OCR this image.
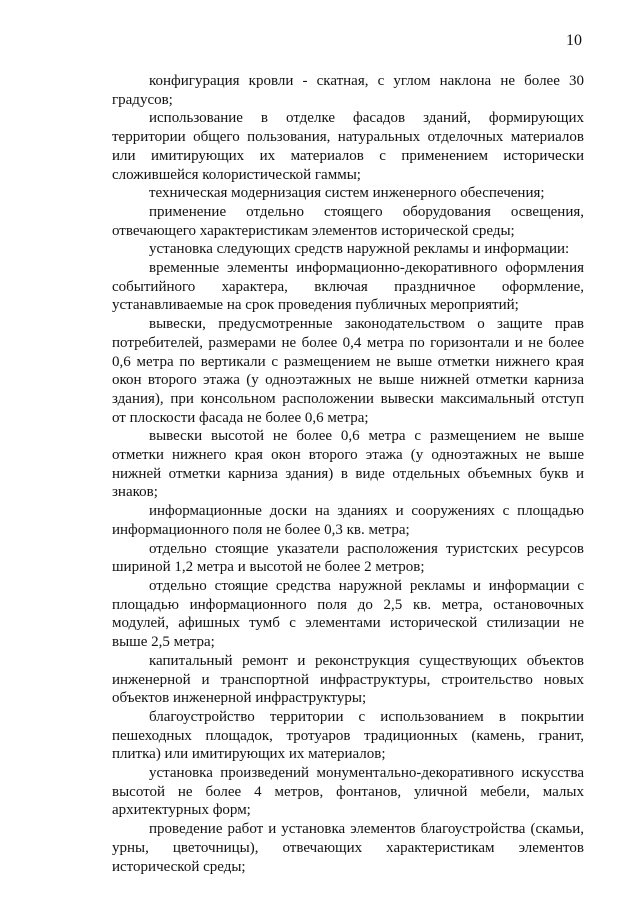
10

конфигурация кровли - скатная, с углом наклона не более 30 градусов;

использование в отделке фасадов зданий, формирующих территории общего пользования, натуральных отделочных материалов или имитирующих их материалов с применением исторически сложившейся колористической гаммы;

техническая модернизация систем инженерного обеспечения;

применение отдельно стоящего оборудования освещения, отвечающего характеристикам элементов исторической среды;

установка следующих средств наружной рекламы и информации:

временные элементы информационно-декоративного оформления событийного характера, включая праздничное оформление, устанавливаемые на срок проведения публичных мероприятий;

вывески, предусмотренные законодательством о защите прав потребителей, размерами не более 0,4 метра по горизонтали и не более 0,6 метра по вертикали с размещением не выше отметки нижнего края окон второго этажа (у одноэтажных не выше нижней отметки карниза здания), при консольном расположении вывески максимальный отступ от плоскости фасада не более 0,6 метра;

вывески высотой не более 0,6 метра с размещением не выше отметки нижнего края окон второго этажа (у одноэтажных не выше нижней отметки карниза здания) в виде отдельных объемных букв и знаков;

информационные доски на зданиях и сооружениях с площадью информационного поля не более 0,3 кв. метра;

отдельно стоящие указатели расположения туристских ресурсов шириной 1,2 метра и высотой не более 2 метров;

отдельно стоящие средства наружной рекламы и информации с площадью информационного поля до 2,5 кв. метра, остановочных модулей, афишных тумб с элементами исторической стилизации не выше 2,5 метра;

капитальный ремонт и реконструкция существующих объектов инженерной и транспортной инфраструктуры, строительство новых объектов инженерной инфраструктуры;

благоустройство территории с использованием в покрытии пешеходных площадок, тротуаров традиционных (камень, гранит, плитка) или имитирующих их материалов;

установка произведений монументально-декоративного искусства высотой не более 4 метров, фонтанов, уличной мебели, малых архитектурных форм;

проведение работ и установка элементов благоустройства (скамьи, урны, цветочницы), отвечающих характеристикам элементов исторической среды;
